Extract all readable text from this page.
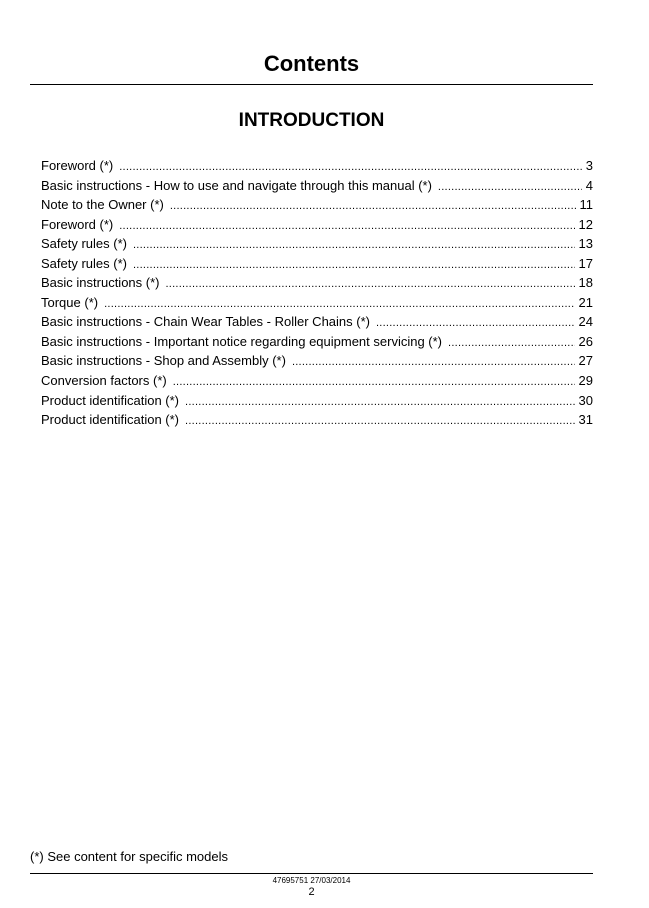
Contents
INTRODUCTION
Foreword (*) . . .	3
Basic instructions - How to use and navigate through this manual (*) . . .	4
Note to the Owner (*) . . .	11
Foreword (*) . . .	12
Safety rules (*) . . .	13
Safety rules (*) . . .	17
Basic instructions (*) . . .	18
Torque (*) . . .	21
Basic instructions - Chain Wear Tables - Roller Chains (*) . . .	24
Basic instructions - Important notice regarding equipment servicing (*) . . .	26
Basic instructions - Shop and Assembly (*) . . .	27
Conversion factors (*) . . .	29
Product identification (*) . . .	30
Product identification (*) . . .	31
(*) See content for specific models
47695751 27/03/2014
2
